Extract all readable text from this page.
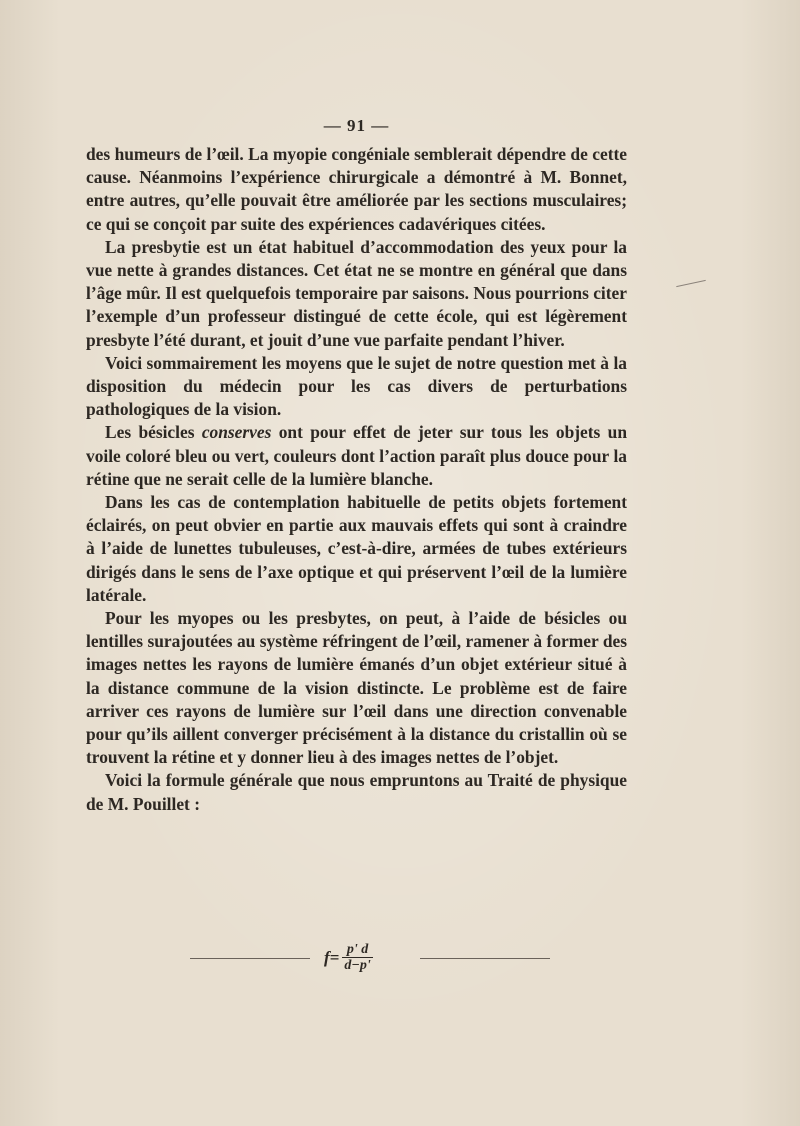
— 91 —

des humeurs de l’œil. La myopie congéniale semblerait dépendre de cette cause. Néanmoins l’expérience chirurgicale a démontré à M. Bonnet, entre autres, qu’elle pouvait être améliorée par les sections musculaires; ce qui se conçoit par suite des expériences cadavériques citées.

La presbytie est un état habituel d’accommodation des yeux pour la vue nette à grandes distances. Cet état ne se montre en général que dans l’âge mûr. Il est quelquefois temporaire par saisons. Nous pourrions citer l’exemple d’un professeur distingué de cette école, qui est légèrement presbyte l’été durant, et jouit d’une vue parfaite pendant l’hiver.

Voici sommairement les moyens que le sujet de notre question met à la disposition du médecin pour les cas divers de perturbations pathologiques de la vision.

Les bésicles conserves ont pour effet de jeter sur tous les objets un voile coloré bleu ou vert, couleurs dont l’action paraît plus douce pour la rétine que ne serait celle de la lumière blanche.

Dans les cas de contemplation habituelle de petits objets fortement éclairés, on peut obvier en partie aux mauvais effets qui sont à craindre à l’aide de lunettes tubuleuses, c’est-à-dire, armées de tubes extérieurs dirigés dans le sens de l’axe optique et qui préservent l’œil de la lumière latérale.

Pour les myopes ou les presbytes, on peut, à l’aide de bésicles ou lentilles surajoutées au système réfringent de l’œil, ramener à former des images nettes les rayons de lumière émanés d’un objet extérieur situé à la distance commune de la vision distincte. Le problème est de faire arriver ces rayons de lumière sur l’œil dans une direction convenable pour qu’ils aillent converger précisément à la distance du cristallin où se trouvent la rétine et y donner lieu à des images nettes de l’objet.

Voici la formule générale que nous empruntons au Traité de physique de M. Pouillet :

$f= \frac{p' d}{d-p'}$
